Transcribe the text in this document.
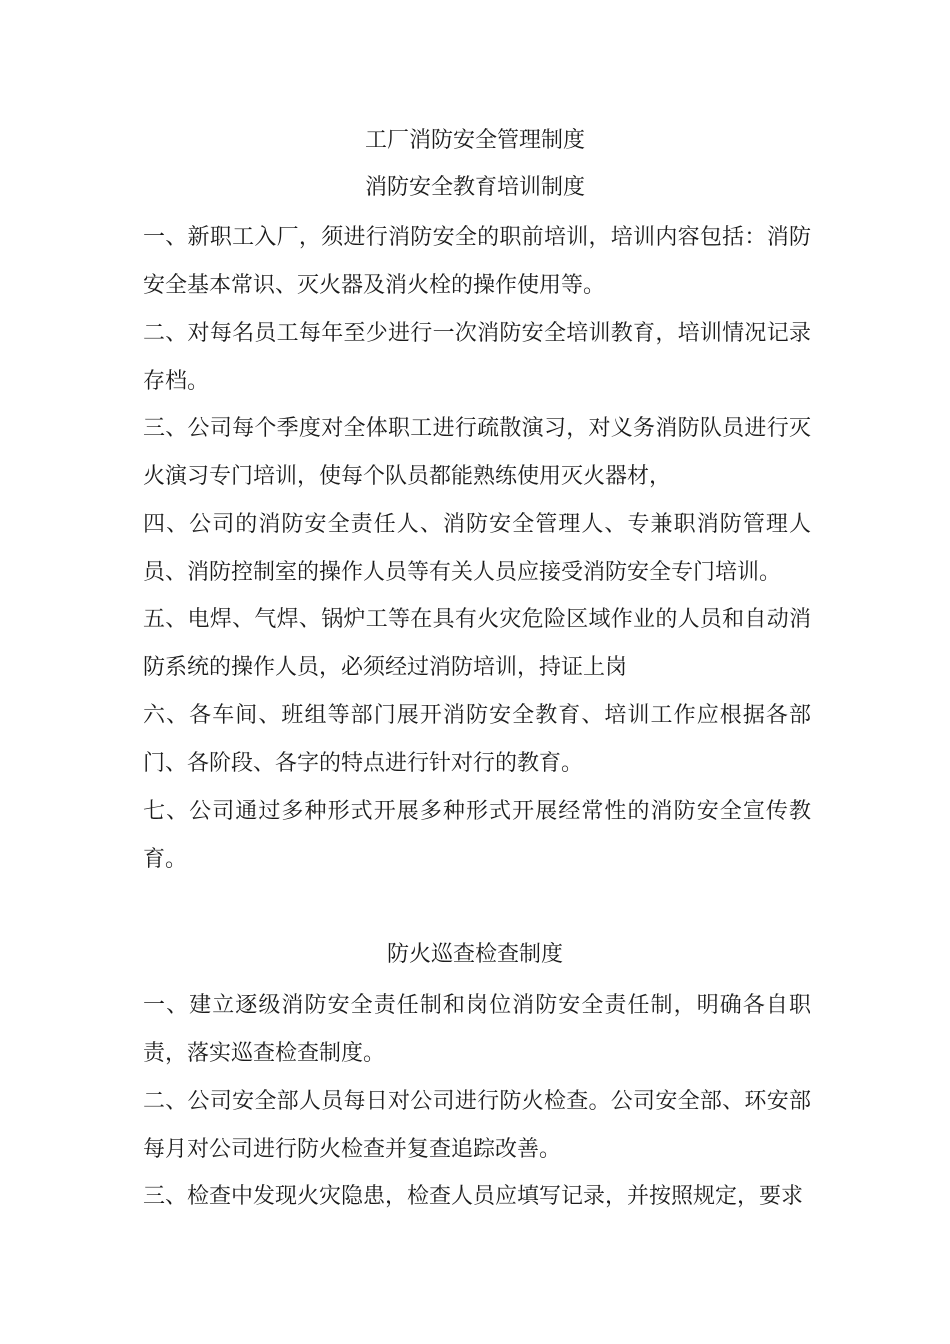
工厂消防安全管理制度
消防安全教育培训制度
一、新职工入厂，须进行消防安全的职前培训，培训内容包括：消防安全基本常识、灭火器及消火栓的操作使用等。
二、对每名员工每年至少进行一次消防安全培训教育，培训情况记录存档。
三、公司每个季度对全体职工进行疏散演习，对义务消防队员进行灭火演习专门培训，使每个队员都能熟练使用灭火器材，
四、公司的消防安全责任人、消防安全管理人、专兼职消防管理人员、消防控制室的操作人员等有关人员应接受消防安全专门培训。
五、电焊、气焊、锅炉工等在具有火灾危险区域作业的人员和自动消防系统的操作人员，必须经过消防培训，持证上岗
六、各车间、班组等部门展开消防安全教育、培训工作应根据各部门、各阶段、各字的特点进行针对行的教育。
七、公司通过多种形式开展多种形式开展经常性的消防安全宣传教育。
防火巡查检查制度
一、建立逐级消防安全责任制和岗位消防安全责任制，明确各自职责，落实巡查检查制度。
二、公司安全部人员每日对公司进行防火检查。公司安全部、环安部每月对公司进行防火检查并复查追踪改善。
三、检查中发现火灾隐患，检查人员应填写记录，并按照规定，要求
